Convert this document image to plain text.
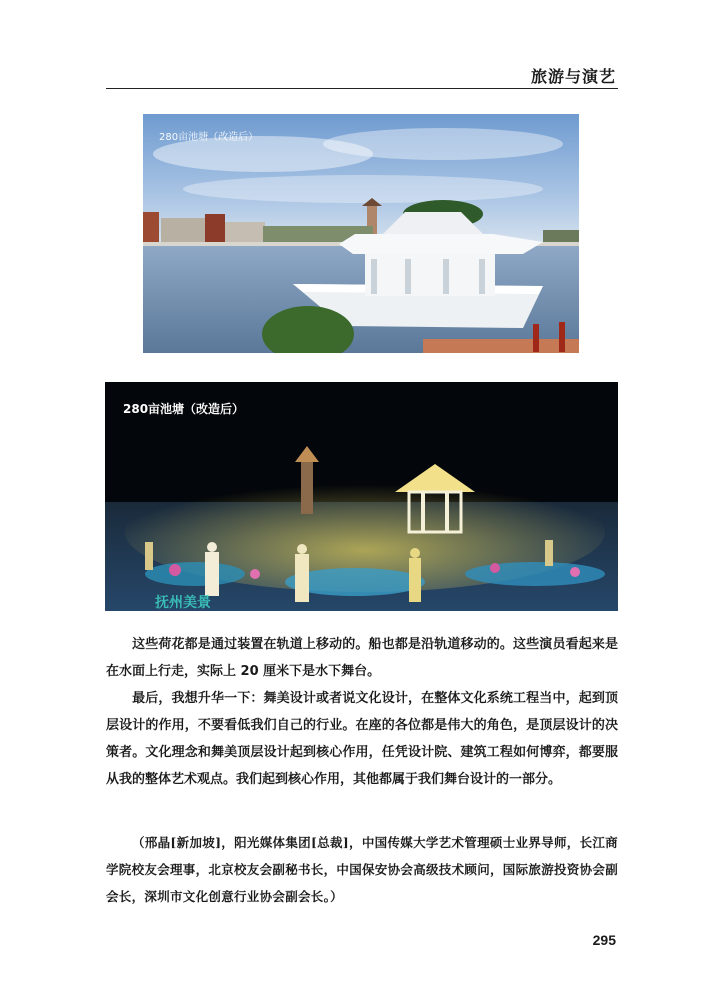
旅游与演艺
280亩池塘（改造后）
280亩池塘（改造后）
抚州美景
这些荷花都是通过装置在轨道上移动的。船也都是沿轨道移动的。这些演员看起来是在水面上行走，实际上 20 厘米下是水下舞台。
最后，我想升华一下：舞美设计或者说文化设计，在整体文化系统工程当中，起到顶层设计的作用，不要看低我们自己的行业。在座的各位都是伟大的角色，是顶层设计的决策者。文化理念和舞美顶层设计起到核心作用，任凭设计院、建筑工程如何博弈，都要服从我的整体艺术观点。我们起到核心作用，其他都属于我们舞台设计的一部分。
（邢晶[新加坡]，阳光媒体集团[总裁]，中国传媒大学艺术管理硕士业界导师，长江商学院校友会理事，北京校友会副秘书长，中国保安协会高级技术顾问，国际旅游投资协会副会长，深圳市文化创意行业协会副会长。）
295
